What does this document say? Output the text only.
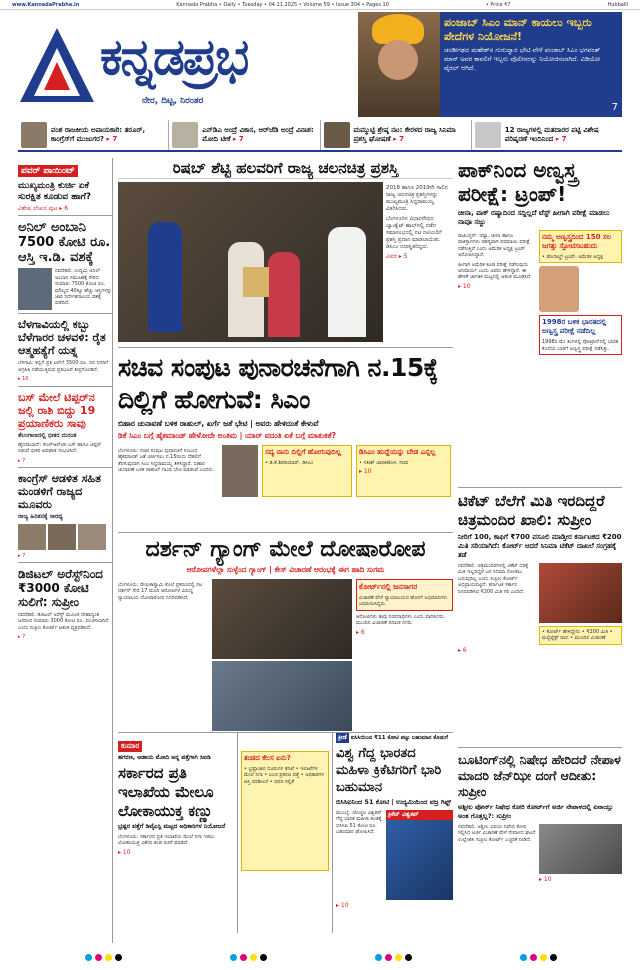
www.KannadaPrabha.in	Kannada Prabha • Daily • Tuesday • 04.11.2025 • Volume 59 • Issue 304 • Pages 10	• Price ₹7	Hubballi
ಕನ್ನಡಪ್ರಭ
ನೇರ, ದಿಟ್ಟ, ನಿರಂತರ
ಪಂಜಾಬ್ ಸಿಎಂ ಮಾನ್ ಕಾಯಲು ಇಬ್ಬರು ಪೇದೆಗಳ ನಿಯೋಜನೆ!
ಚಂಡೀಗಢದ ಮಹೇಶ್‌ನ ಗುರುದ್ವಾರ ಭೇಟಿ ವೇಳೆ ಪಂಜಾಬ್ ಸಿಎಂ ಭಗವಂತ್ ಮಾನ್ ಅವರ ಕಾವಲಿಗೆ ಇಬ್ಬರು ಪೊಲೀಸರನ್ನು ನಿಯೋಜಿಸಲಾಗಿದೆ. ವಿಡಿಯೋ ವೈರಲ್ ಆಗಿದೆ.
7
ವಂಶ ರಾಜಕೀಯ ಅಪಾಯಕಾರಿ: ತರೂರ್, ಕಾಂಗ್ರೆಸ್‌ಗೆ ಮುಜುಗರ? ▸ 7
ಎನ್‌ಡಿಎ ಅಂದ್ರೆ ವಿಕಾಸ, ಆರ್‌ಜೆಡಿ ಅಂದ್ರೆ ವಿನಾಶ: ಮೋದಿ ಟೀಕೆ ▸ 7
ಮಮ್ಮುಟ್ಟಿ ಶ್ರೇಷ್ಠ ನಟ: ಕೇರಳದ ರಾಜ್ಯ ಸಿನಿಮಾ ಪ್ರಶಸ್ತಿ ಘೋಷಣೆ ▸ 7
12 ರಾಜ್ಯಗಳಲ್ಲಿ ಮತದಾರರ ಪಟ್ಟಿ ವಿಶೇಷ ಪರಿಷ್ಕರಣೆ ಇಂದಿನಿಂದ ▸ 7
ಪವರ್ ಪಾಯಿಂಟ್
ಮುಖ್ಯಮಂತ್ರಿ ಕುರ್ಚಿ ಏಕೆ ಸುರಕ್ಷಿತ ಕೂಡುವ ಹಾಗೆ?
ವಿಶೇಷ ಲೇಖನ ಪುಟ ▸ 6
ಅನಿಲ್ ಅಂಬಾನಿ 7500 ಕೋಟಿ ರೂ. ಆಸ್ತಿ ಇ.ಡಿ. ವಶಕ್ಕೆ
ನವದೆಹಲಿ: ಉದ್ಯಮಿ ಅನಿಲ್ ಅಂಬಾನಿ ಸಮೂಹಕ್ಕೆ ಸೇರಿದ ಸುಮಾರು 7500 ಕೋಟಿ ರೂ. ಮೌಲ್ಯದ 40ಕ್ಕೂ ಹೆಚ್ಚು ಆಸ್ತಿಗಳನ್ನು ಜಾರಿ ನಿರ್ದೇಶನಾಲಯ ವಶಕ್ಕೆ ಪಡೆದಿದೆ.
ಬೆಳಗಾವಿಯಲ್ಲಿ ಕಬ್ಬು ಬೆಳೆಗಾರರ ಚಳವಳಿ: ರೈತ ಆತ್ಮಹತ್ಯೆಗೆ ಯತ್ನ
ಬೆಳಗಾವಿ: ಕಬ್ಬಿಗೆ ಪ್ರತಿ ಟನ್‌ಗೆ 3500 ರೂ. ದರ ನಿಗದಿಗೆ ಆಗ್ರಹಿಸಿ ನಡೆಯುತ್ತಿರುವ ಪ್ರತಿಭಟನೆ ತೀವ್ರಗೊಂಡಿದೆ.
▸ 10
ಬಸ್ ಮೇಲೆ ಟಿಪ್ಪರ್‌ನ ಜಲ್ಲಿ ರಾಶಿ ಬಿದ್ದು 19 ಪ್ರಯಾಣಿಕರು ಸಾವು
ತೆಲಂಗಾಣದಲ್ಲಿ ಭೀಕರ ದುರಂತ
ಹೈದರಾಬಾದ್: ಕೆಎಸ್‌ಆರ್‌ಟಿಸಿ ಬಸ್ ಹಾಗೂ ಟಿಪ್ಪರ್ ನಡುವೆ ಭೀಕರ ಅಪಘಾತ ಸಂಭವಿಸಿದೆ.
▸ 7
ಕಾಂಗ್ರೆಸ್ ಆಡಳಿತ ಸಹಿತ ಮಂಡಳಿಗೆ ರಾಜ್ಯದ ಮೂವರು
ರಾಜ್ಯ ಹಿರಿತನಕ್ಕೆ ಸಾರಥ್ಯ
▸ 7
ಡಿಜಿಟಲ್ ಅರೆಸ್ಟ್‌ನಿಂದ ₹3000 ಕೋಟಿ ಸುಲಿಗೆ: ಸುಪ್ರೀಂ
ನವದೆಹಲಿ: ಡಿಜಿಟಲ್ ಅರೆಸ್ಟ್ ಮೂಲಕ ದೇಶಾದ್ಯಂತ ಜನರಿಂದ ಸುಮಾರು 3000 ಕೋಟಿ ರೂ. ವಂಚಿಸಲಾಗಿದೆ ಎಂದು ಸುಪ್ರೀಂ ಕೋರ್ಟ್ ಆತಂಕ ವ್ಯಕ್ತಪಡಿಸಿದೆ.
▸ 7
ರಿಷಬ್ ಶೆಟ್ಟಿ ಹಲವರಿಗೆ ರಾಜ್ಯ ಚಲನಚಿತ್ರ ಪ್ರಶಸ್ತಿ
2018 ಹಾಗೂ 2019ನೇ ಸಾಲಿನ ರಾಜ್ಯ ಚಲನಚಿತ್ರ ಪ್ರಶಸ್ತಿಗಳನ್ನು ಮುಖ್ಯಮಂತ್ರಿ ಸಿದ್ದರಾಮಯ್ಯ ವಿತರಿಸಿದರು.
ಬೆಂಗಳೂರಿನ ವಿಧಾನಸೌಧದ ಬ್ಯಾಂಕ್ವೆಟ್ ಹಾಲ್‌ನಲ್ಲಿ ನಡೆದ ಸಮಾರಂಭದಲ್ಲಿ ನಟ ನಟಿಯರಿಗೆ ಪ್ರಶಸ್ತಿ ಪ್ರದಾನ ಮಾಡಲಾಯಿತು. ಡಿಸಿಎಂ ಉಪಸ್ಥಿತರಿದ್ದರು.
ವಿವರ ▸ 5
ಸಚಿವ ಸಂಪುಟ ಪುನಾರಚನೆಗಾಗಿ ನ.15ಕ್ಕೆ ದಿಲ್ಲಿಗೆ ಹೋಗುವೆ: ಸಿಎಂ
ಬಿಹಾರ ಚುನಾವಣೆ ಬಳಿಕ ರಾಹುಲ್, ಖರ್ಗೆ ಜತೆ ಭೇಟಿ | ಅವರು ಹೇಳಿದಂತೆ ಕೇಳುವೆ
ಡಿಕೆ ಸಿಎಂ ಬಗ್ಗೆ ಹೈಕಮಾಂಡ್ ಹೇಳೋದೇ ಅಂತಿಮ | ಯಾರ್ ವದಂತಿ ಏಕೆ ಬಗ್ಗೆ ಮಾತುಕತೆ?
ಬೆಂಗಳೂರು: ಸಚಿವ ಸಂಪುಟ ಪುನಾರಚನೆ ಸಂಬಂಧ ಹೈಕಮಾಂಡ್ ಜತೆ ಚರ್ಚಿಸಲು ನ.15ರಂದು ದೆಹಲಿಗೆ ತೆರಳುವುದಾಗಿ ಸಿಎಂ ಸಿದ್ದರಾಮಯ್ಯ ತಿಳಿಸಿದ್ದಾರೆ. ಬಿಹಾರ ಚುನಾವಣೆ ಬಳಿಕ ರಾಹುಲ್ ಗಾಂಧಿ ಭೇಟಿ ಮಾಡುವೆ ಎಂದರು.
ಸದ್ಯ ನಾನು ದಿಲ್ಲಿಗೆ ಹೋಗುವುದಿಲ್ಲ
• ಡಿ.ಕೆ.ಶಿವಕುಮಾರ್, ಡಿಸಿಎಂ
ಡಿಸಿಎಂ ಹುದ್ದೆಯನ್ನು ಬೇಡ ಎನ್ನಲ್ಲ
• ಸತೀಶ್ ಜಾರಕಿಹೊಳಿ, ಸಚಿವ
▸ 10
ದರ್ಶನ್ ಗ್ಯಾಂಗ್ ಮೇಲೆ ದೋಷಾರೋಪ
ಆರೋಪಗಳೆಲ್ಲಾ ಸುಳ್ಳೆಂದ ಗ್ಯಾಂಗ್ | ಕೇಸ್ ವಿಚಾರಣೆ ಆರಂಭಕ್ಕೆ ಈಗ ಹಾದಿ ಸುಗಮ
ಬೆಂಗಳೂರು: ರೇಣುಕಾಸ್ವಾಮಿ ಕೊಲೆ ಪ್ರಕರಣದಲ್ಲಿ ನಟ ದರ್ಶನ್ ಸೇರಿ 17 ಮಂದಿ ಆರೋಪಿಗಳ ವಿರುದ್ಧ ನ್ಯಾಯಾಲಯ ದೋಷಾರೋಪ ನಿಗದಿಪಡಿಸಿದೆ.
ಕೋರ್ಟ್‌ನಲ್ಲಿ ಜನಸಾಗರ
ವಿಚಾರಣೆ ವೇಳೆ ನ್ಯಾಯಾಲಯದ ಹೊರಗೆ ಅಭಿಮಾನಿಗಳು ಜಮಾಯಿಸಿದ್ದರು.
ಆರೋಪಿಗಳು ತಾವು ನಿರಪರಾಧಿಗಳು ಎಂದು ವಾದಿಸಿದರು. ಮುಂದಿನ ವಿಚಾರಣೆ ದಿನಾಂಕ ನಿಗದಿ.
▸ 6
ಕುಮಾರ
ಹಗರಣ, ಅಡಾಯ ಮೋದಿ ಅನ್ನ ಪತ್ತೆಗಾಗಿ ಸಿಐಡಿ
ಸರ್ಕಾರದ ಪ್ರತಿ ಇಲಾಖೆಯ ಮೇಲೂ ಲೋಕಾಯುಕ್ತ ಕಣ್ಣು
ಭ್ರಷ್ಟರ ಪತ್ತೆಗೆ ಡಿವೈಎಸ್ಪಿ ಮಟ್ಟದ ಅಧಿಕಾರಿಗಳ ನಿಯೋಜನೆ
ಬೆಂಗಳೂರು: ಸರ್ಕಾರದ ಪ್ರತಿ ಇಲಾಖೆಯ ಮೇಲೆ ನಿಗಾ ಇಡಲು ಲೋಕಾಯುಕ್ತ ವಿಶೇಷ ತಂಡ ರಚನೆ ಮಾಡಿದೆ.
▸ 10
ತಂಡದ ಕೆಲಸ ಏನು?
• ಭ್ರಷ್ಟಾಚಾರ ದೂರುಗಳ ತನಿಖೆ • ಇಲಾಖೆಗಳ ಮೇಲೆ ನಿಗಾ • ಲಂಚ ಪ್ರಕರಣ ಪತ್ತೆ • ಅಧಿಕಾರಿಗಳ ಆಸ್ತಿ ಪರಿಶೀಲನೆ • ವರದಿ ಸಲ್ಲಿಕೆ
ಕ್ರೀಡೆ ಐಸಿಸಿಯಿಂದ ₹11 ಕೋಟಿ ಪಟ್ಟು ಬಹುಮಾನ ಕೊಡುಗೆ
ವಿಶ್ವ ಗೆದ್ದ ಭಾರತದ ಮಹಿಳಾ ಕ್ರಿಕೆಟಿಗರಿಗೆ ಭಾರಿ ಬಹುಮಾನ
ಬಿಸಿಸಿಐನಿಂದ 51 ಕೋಟಿ | ಉದ್ಯಮಿಯಿಂದ ವಜ್ರ ಗಿಫ್ಟ್
ಮುಂಬೈ: ಚೊಚ್ಚಲ ವಿಶ್ವಕಪ್ ಗೆದ್ದ ಭಾರತ ಮಹಿಳಾ ತಂಡಕ್ಕೆ ಬಿಸಿಸಿಐ 51 ಕೋಟಿ ರೂ. ಬಹುಮಾನ ಘೋಷಿಸಿದೆ.
ಕ್ರಿಕೆಟ್ ವಿಶ್ವಕಪ್
▸ 10
ಪಾಕ್‌ನಿಂದ ಅಣ್ವಸ್ತ್ರ ಪರೀಕ್ಷೆ: ಟ್ರಂಪ್!
ಚೀನಾ, ಪಾಕ್ ರಷ್ಯಾದಿಂದ ಸದ್ದಿಲ್ಲದೆ ಟೆಸ್ಟ್ ಹೀಗಾಗಿ ಪರೀಕ್ಷೆ ಮಾಡಲು ನಾವೂ ಸಜ್ಜು
ವಾಷಿಂಗ್ಟನ್: ರಷ್ಯಾ, ಚೀನಾ ಹಾಗೂ ಪಾಕಿಸ್ತಾನಗಳು ರಹಸ್ಯವಾಗಿ ಪರಮಾಣು ಪರೀಕ್ಷೆ ನಡೆಸುತ್ತಿವೆ ಎಂದು ಅಮೆರಿಕ ಅಧ್ಯಕ್ಷ ಟ್ರಂಪ್ ಆರೋಪಿಸಿದ್ದಾರೆ.
ಹೀಗಾಗಿ ಅಮೆರಿಕ ಕೂಡ ಪರೀಕ್ಷೆ ನಡೆಸುವುದು ಅನಿವಾರ್ಯ ಎಂದು ಅವರು ಹೇಳಿದ್ದಾರೆ. ಈ ಹೇಳಿಕೆ ಜಾಗತಿಕ ಮಟ್ಟದಲ್ಲಿ ಆತಂಕ ಮೂಡಿಸಿದೆ.
▸ 10
ನಮ್ಮ ಅಣ್ವಸ್ತ್ರದಿಂದ 150 ಸಲ ಜಗತ್ತು ಸ್ಫೋಟಿಸಬಹುದು
• ಡೊನಾಲ್ಡ್ ಟ್ರಂಪ್, ಅಮೆರಿಕ ಅಧ್ಯಕ್ಷ
1998ರ ಬಳಿಕ ಭಾರತದಲ್ಲಿ ಅಣ್ವಸ್ತ್ರ ಪರೀಕ್ಷೆ ನಡೆದಿಲ್ಲ
1998ರ ಮೇ ತಿಂಗಳಲ್ಲಿ ಪೋಖ್ರಾನ್‌ನಲ್ಲಿ ಭಾರತ ಕೊನೆಯ ಬಾರಿಗೆ ಅಣ್ವಸ್ತ್ರ ಪರೀಕ್ಷೆ ನಡೆಸಿತ್ತು.
ಟಿಕೆಟ್ ಬೆಲೆಗೆ ಮಿತಿ ಇರದಿದ್ದರೆ ಚಿತ್ರಮಂದಿರ ಖಾಲಿ: ಸುಪ್ರೀಂ
ನೀರಿಗೆ 100, ಕಾಫಿಗೆ ₹700 ವಸೂಲಿ ಮಾಡ್ತೀರ ಕರ್ನಾಟಕದ ₹200 ಮಿತಿ ಸರಿಯಾಗಿದೆ: ಕೋರ್ಟ್ ಆದರೆ ಸಿನಿಮಾ ಟಿಕೆಟ್ ದಾಖಲೆ ಸಂಗ್ರಹಕ್ಕೆ ತಡೆ
ನವದೆಹಲಿ: ಚಿತ್ರಮಂದಿರಗಳಲ್ಲಿ ಟಿಕೆಟ್ ದರಕ್ಕೆ ಮಿತಿ ಇಲ್ಲದಿದ್ದರೆ ಜನ ಸಿನಿಮಾ ನೋಡಲು ಬರುವುದಿಲ್ಲ ಎಂದು ಸುಪ್ರೀಂ ಕೋರ್ಟ್ ಅಭಿಪ್ರಾಯಪಟ್ಟಿದೆ. ಕರ್ನಾಟಕ ಸರ್ಕಾರ ನಿಗದಿಪಡಿಸಿದ ₹200 ಮಿತಿ ಸರಿ ಎಂದಿದೆ.
• ಕೋರ್ಟ್ ಹೇಳಿದ್ದೇನು • ₹200 ಮಿತಿ • ಮಲ್ಟಿಪ್ಲೆಕ್ಸ್ ವಾದ • ಮುಂದಿನ ವಿಚಾರಣೆ
▸ 6
ಬೂಟಿಂಗ್‌ನಲ್ಲಿ ನಿಷೇಧ ಹೇರಿದರೆ ನೇಪಾಳ ಮಾದರಿ ಜೆನ್‌ಝೀ ದಂಗೆ ಆದೀತು: ಸುಪ್ರೀಂ
ಅಶ್ಲೀಲ ಪೋರ್ನ್ ನಿಷೇಧ ಕೋರಿ ಕೋರ್ಟ್‌ಗೆ ಅರ್ಜಿ ನೇಪಾಳದಲ್ಲಿ ಏನಾಯ್ತು ಅಂತ ಗೊತ್ತಲ್ಲ?: ಸುಪ್ರೀಂ
ನವದೆಹಲಿ: ಅಶ್ಲೀಲ ವಿಷಯ ನಿಷೇಧ ಕೋರಿ ಸಲ್ಲಿಸಿದ ಅರ್ಜಿ ವಿಚಾರಣೆ ವೇಳೆ ನೇಪಾಳದ ಘಟನೆ ಉಲ್ಲೇಖಿಸಿ ಸುಪ್ರೀಂ ಕೋರ್ಟ್ ಎಚ್ಚರಿಕೆ ನೀಡಿದೆ.
▸ 10
